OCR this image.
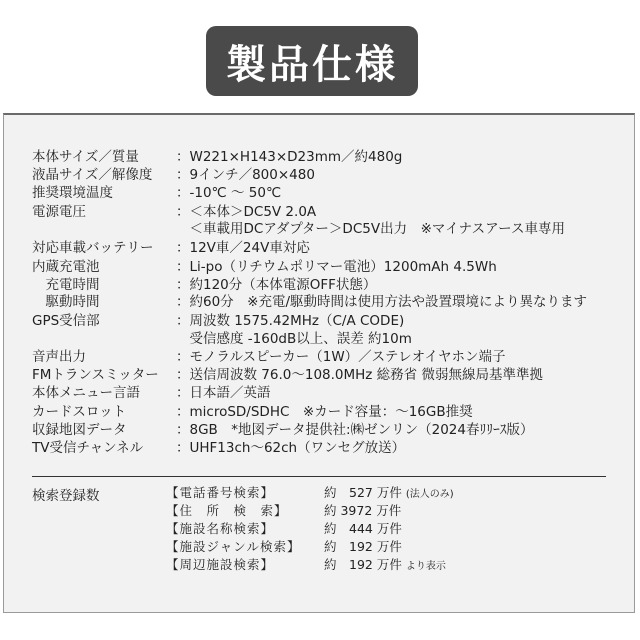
製品仕様
本体サイズ／質量	：W221×H143×D23mm／約480g
液晶サイズ／解像度 ：9インチ／800×480
推奨環境温度	：-10℃ ～ 50℃
電源電圧	：＜本体＞DC5V 2.0A
　＜車載用DCアダプター＞DC5V出力　※マイナスアース車専用
対応車載バッテリー ：12V車／24V車対応
内蔵充電池	：Li-po（リチウムポリマー電池）1200mAh 4.5Wh
　充電時間	：約120分（本体電源OFF状態）
　駆動時間	：約60分　※充電/駆動時間は使用方法や設置環境により異なります
GPS受信部	：周波数 1575.42MHz（C/A CODE)
　受信感度 -160dB以上、誤差 約10m
音声出力	：モノラルスピーカー（1W）／ステレオイヤホン端子
FMトランスミッター ：送信周波数 76.0～108.0MHz 総務省 微弱無線局基準準拠
本体メニュー言語	：日本語／英語
カードスロット	：microSD/SDHC　※カード容量：～16GB推奨
収録地図データ	：8GB　*地図データ提供社:㈱ゼンリン（2024春ﾘﾘｰｽ版）
TV受信チャンネル ：UHF13ch～62ch（ワンセグ放送）
検索登録数	【電話番号検索】	約　527 万件 (法人のみ)
【住　所　検　索】	約 3972 万件
【施設名称検索】	約　444 万件
【施設ジャンル検索】	約　192 万件
【周辺施設検索】	約　192 万件 より表示
